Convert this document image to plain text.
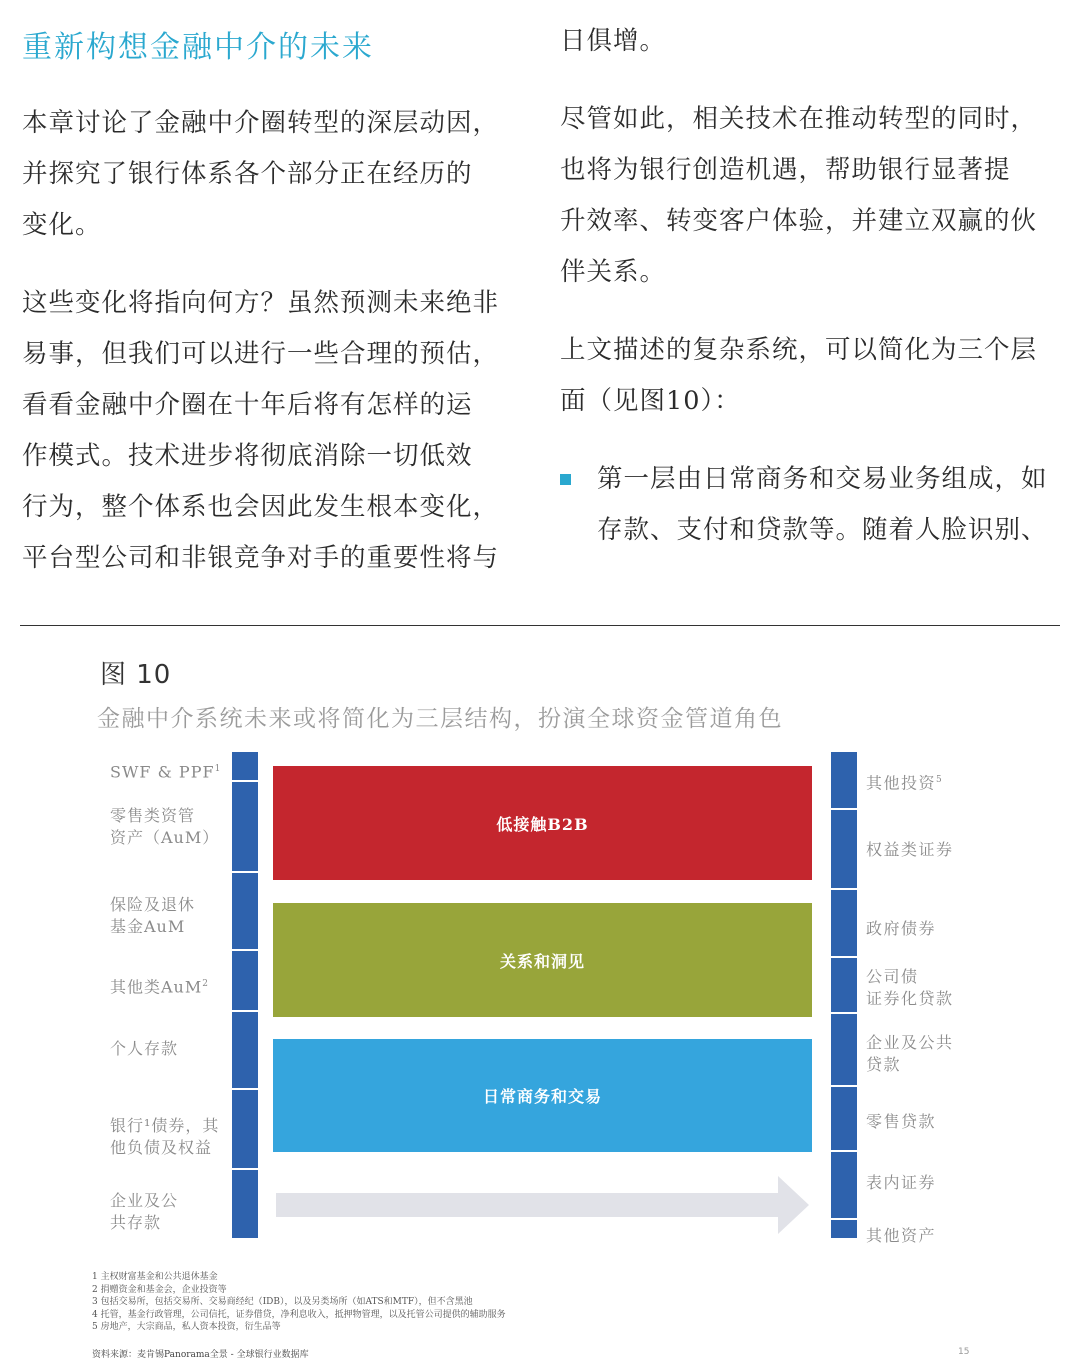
重新构想金融中介的未来

本章讨论了金融中介圈转型的深层动因，
并探究了银行体系各个部分正在经历的
变化。

这些变化将指向何方？虽然预测未来绝非
易事，但我们可以进行一些合理的预估，
看看金融中介圈在十年后将有怎样的运
作模式。技术进步将彻底消除一切低效
行为，整个体系也会因此发生根本变化，
平台型公司和非银竞争对手的重要性将与

日俱增。

尽管如此，相关技术在推动转型的同时，
也将为银行创造机遇，帮助银行显著提
升效率、转变客户体验，并建立双赢的伙
伴关系。

上文描述的复杂系统，可以简化为三个层
面（见图10）：

第一层由日常商务和交易业务组成，如
存款、支付和贷款等。随着人脸识别、
图 10
金融中介系统未来或将简化为三层结构，扮演全球资金管道角色
SWF & PPF$^1$
零售类资管
资产（AuM）
保险及退休
基金AuM
其他类AuM$^2$
个人存款
银行¹债券，其
他负债及权益
企业及公
共存款
其他投资$^5$
权益类证券
政府债券
公司债
证券化贷款
企业及公共
贷款
零售贷款
表内证券
其他资产
低接触B2B
关系和洞见
日常商务和交易
1 主权财富基金和公共退休基金
2 捐赠资金和基金会，企业投资等
3 包括交易所，包括交易所、交易商经纪（IDB），以及另类场所（如ATS和MTF），但不含黑池
4 托管，基金行政管理，公司信托，证券借贷，净利息收入，抵押物管理，以及托管公司提供的辅助服务
5 房地产，大宗商品，私人资本投资，衍生品等
资料来源：麦肯锡Panorama全景 - 全球银行业数据库	15
